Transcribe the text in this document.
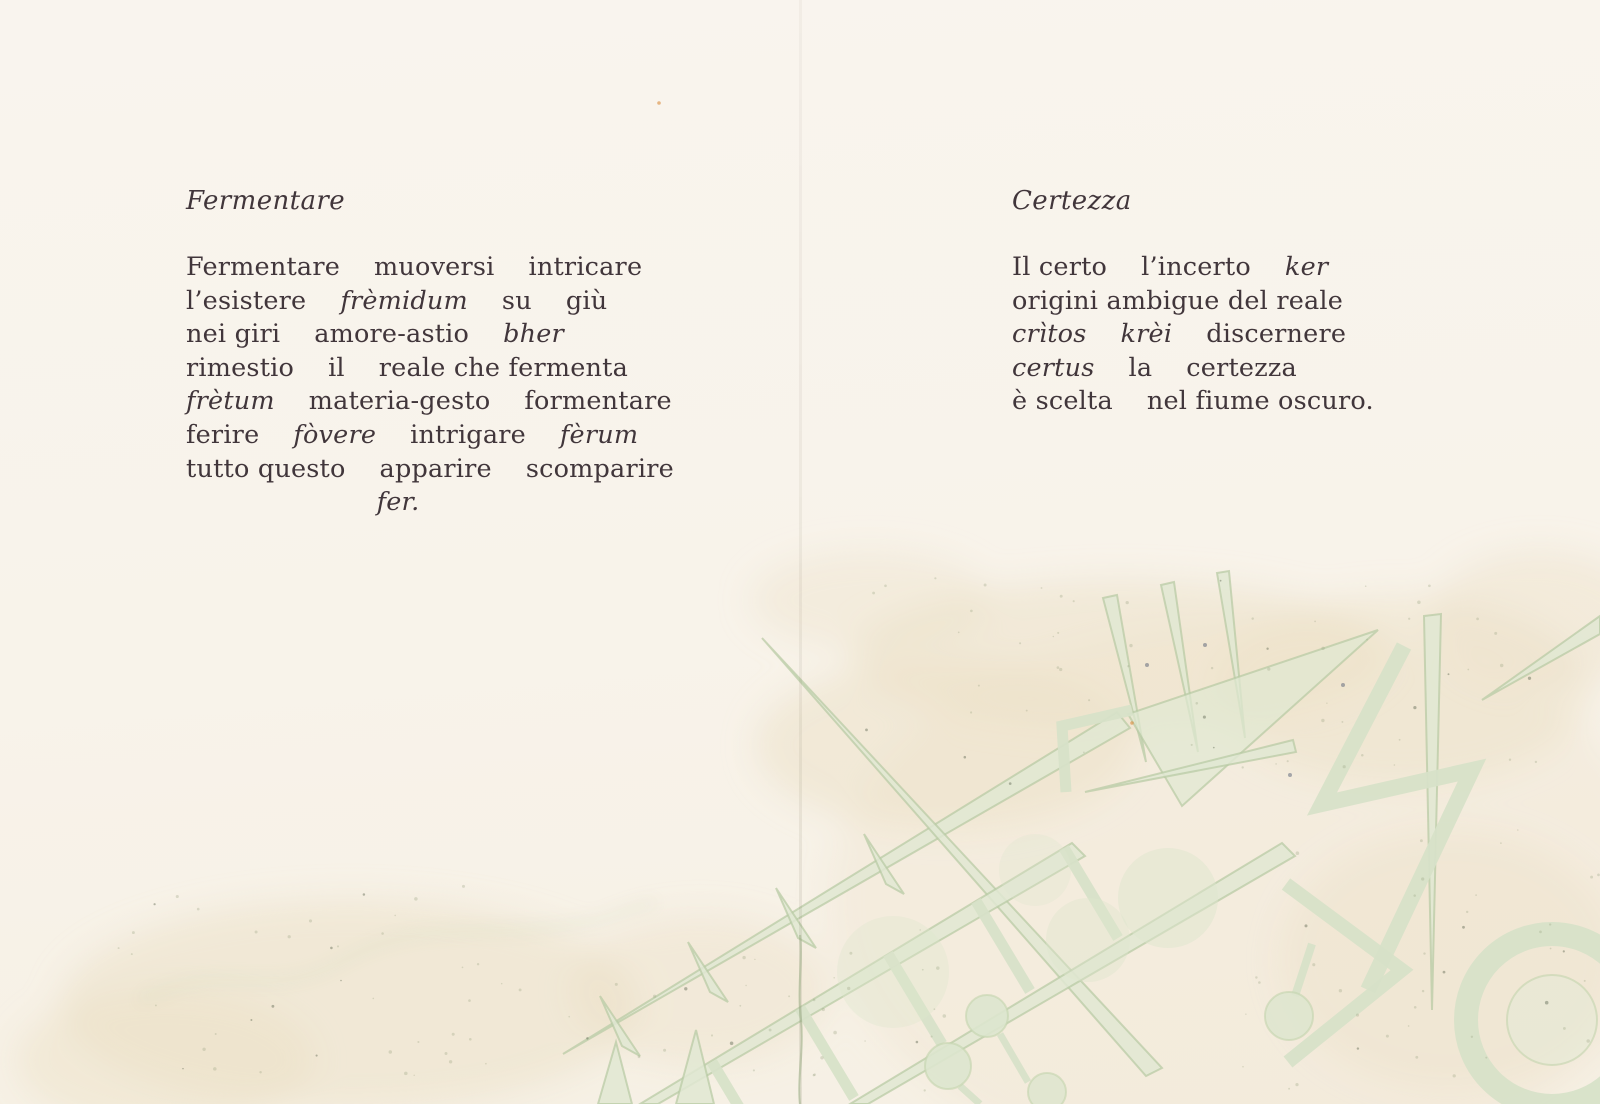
Fermentare
Fermentare muoversi intricare
l’esistere frèmidum su giù
nei giri amore-astio bher
rimestio il reale che fermenta
frètum materia-gesto formentare
ferire fòvere intrigare fèrum
tutto questo apparire scomparire
fer.
Certezza
Il certo l’incerto ker
origini ambigue del reale
crìtos krèi discernere
certus la certezza
è scelta nel fiume oscuro.
